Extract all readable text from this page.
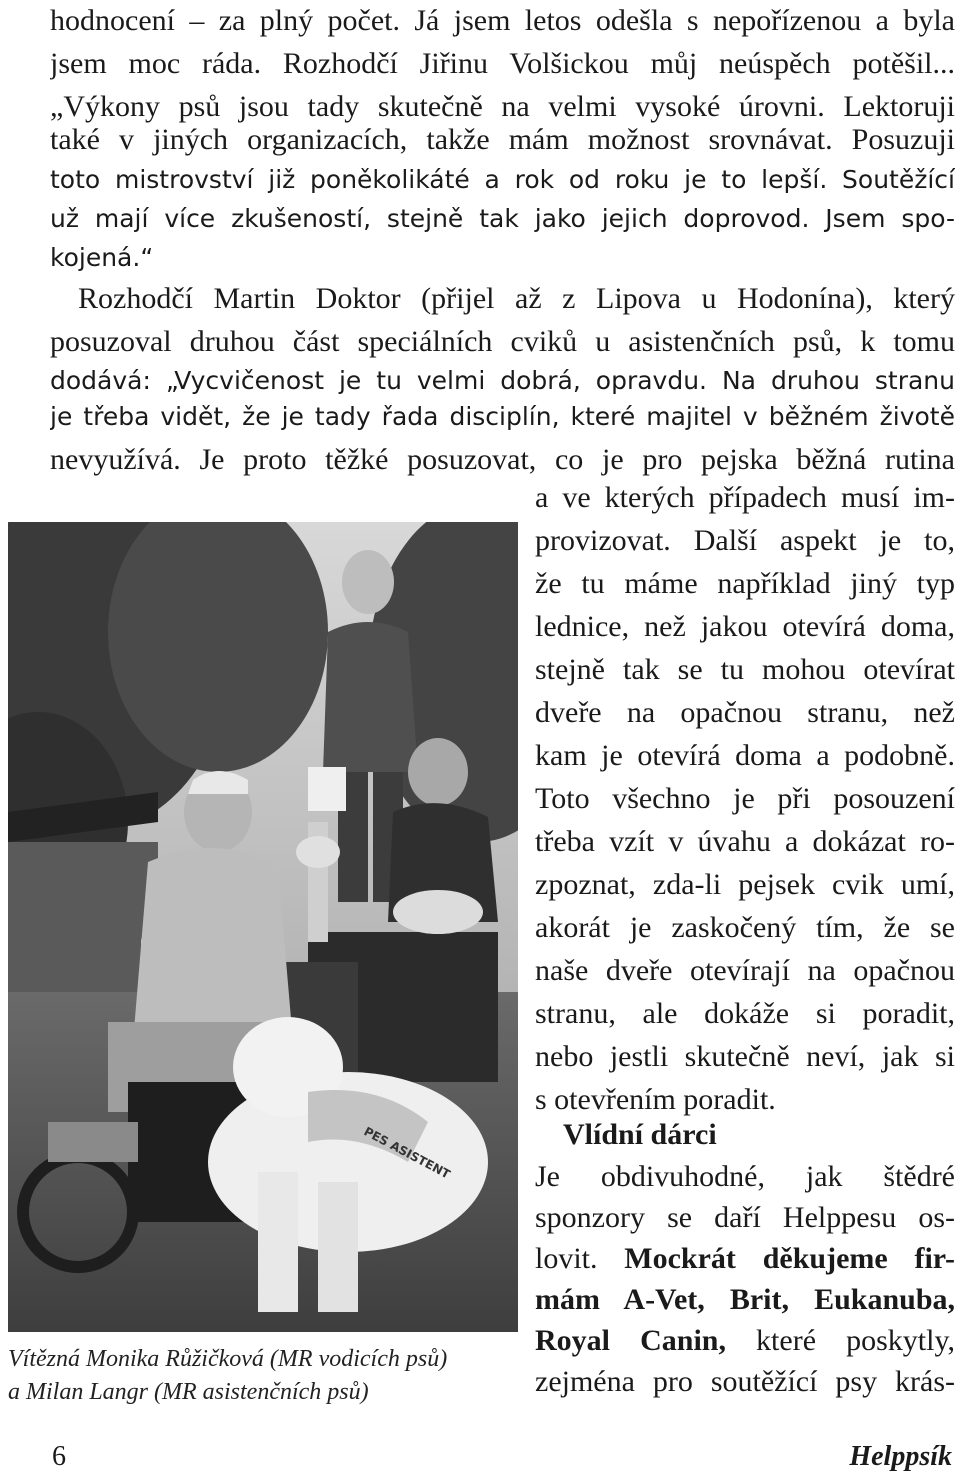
hodnocení – za plný počet. Já jsem letos odešla s nepořízenou a byla
jsem moc ráda. Rozhodčí Jiřinu Volšickou můj neúspěch potěšil...
„Výkony psů jsou tady skutečně na velmi vysoké úrovni. Lektoruji
také v jiných organizacích, takže mám možnost srovnávat. Posuzuji
toto mistrovství již poněkolikáté a rok od roku je to lepší. Soutěžící
už mají více zkušeností, stejně tak jako jejich doprovod. Jsem spo-
kojená.“
Rozhodčí Martin Doktor (přijel až z Lipova u Hodonína), který
posuzoval druhou část speciálních cviků u asistenčních psů, k tomu
dodává: „Vycvičenost je tu velmi dobrá, opravdu. Na druhou stranu
je třeba vidět, že je tady řada disciplín, které majitel v běžném životě
nevyužívá. Je proto těžké posuzovat, co je pro pejska běžná rutina
a ve kterých případech musí im-
provizovat. Další aspekt je to,
že tu máme například jiný typ
lednice, než jakou otevírá doma,
stejně tak se tu mohou otevírat
dveře na opačnou stranu, než
kam je otevírá doma a podobně.
Toto všechno je při posouzení
třeba vzít v úvahu a dokázat ro-
zpoznat, zda-li pejsek cvik umí,
akorát je zaskočený tím, že se
naše dveře otevírají na opačnou
stranu, ale dokáže si poradit,
nebo jestli skutečně neví, jak si
s otevřením poradit.
Vlídní dárci
Je obdivuhodné, jak štědré
sponzory se daří Helppesu os-
lovit. Mockrát děkujeme fir-
mám A-Vet, Brit, Eukanuba,
Royal Canin, které poskytly,
zejména pro soutěžící psy krás-
PES ASISTENT
Vítězná Monika Růžičková (MR vodicích psů)
a Milan Langr (MR asistenčních psů)
6	Helppsík
